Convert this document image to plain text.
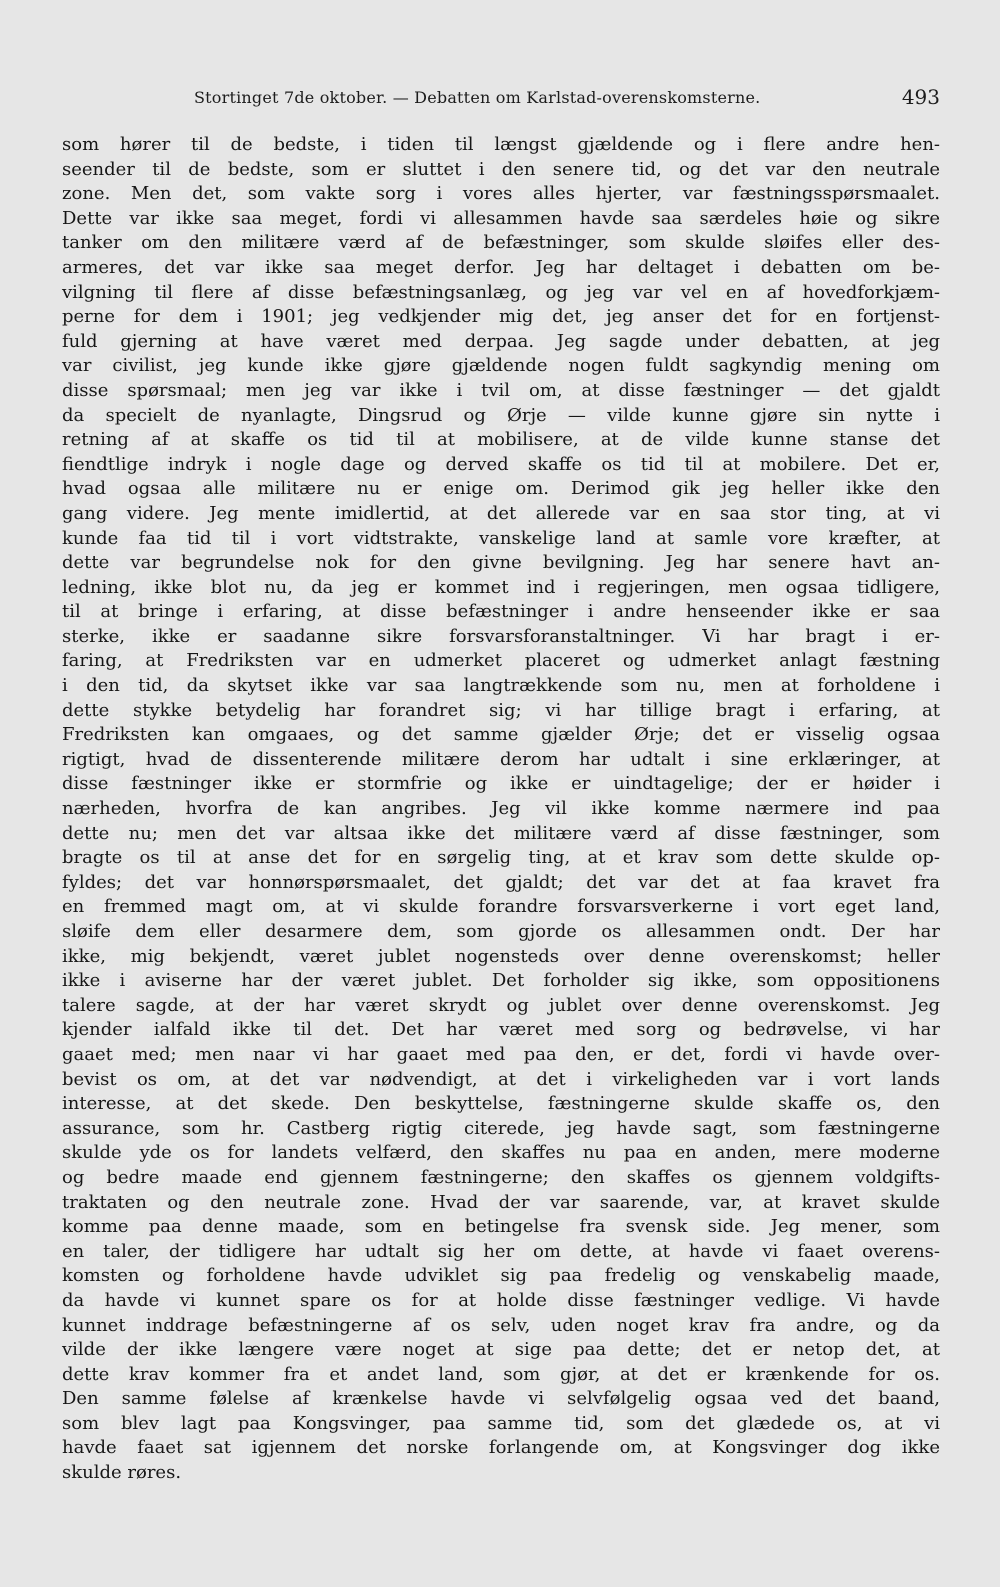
Stortinget 7de oktober. — Debatten om Karlstad-overenskomsterne.	493
som hører til de bedste, i tiden til længst gjældende og i flere andre hen-
seender til de bedste, som er sluttet i den senere tid, og det var den neutrale
zone. Men det, som vakte sorg i vores alles hjerter, var fæstningsspørsmaalet.
Dette var ikke saa meget, fordi vi allesammen havde saa særdeles høie og sikre
tanker om den militære værd af de befæstninger, som skulde sløifes eller des-
armeres, det var ikke saa meget derfor. Jeg har deltaget i debatten om be-
vilgning til flere af disse befæstningsanlæg, og jeg var vel en af hovedforkjæm-
perne for dem i 1901; jeg vedkjender mig det, jeg anser det for en fortjenst-
fuld gjerning at have været med derpaa. Jeg sagde under debatten, at jeg
var civilist, jeg kunde ikke gjøre gjældende nogen fuldt sagkyndig mening om
disse spørsmaal; men jeg var ikke i tvil om, at disse fæstninger — det gjaldt
da specielt de nyanlagte, Dingsrud og Ørje — vilde kunne gjøre sin nytte i
retning af at skaffe os tid til at mobilisere, at de vilde kunne stanse det
fiendtlige indryk i nogle dage og derved skaffe os tid til at mobilere. Det er,
hvad ogsaa alle militære nu er enige om. Derimod gik jeg heller ikke den
gang videre. Jeg mente imidlertid, at det allerede var en saa stor ting, at vi
kunde faa tid til i vort vidtstrakte, vanskelige land at samle vore kræfter, at
dette var begrundelse nok for den givne bevilgning. Jeg har senere havt an-
ledning, ikke blot nu, da jeg er kommet ind i regjeringen, men ogsaa tidligere,
til at bringe i erfaring, at disse befæstninger i andre henseender ikke er saa
sterke, ikke er saadanne sikre forsvarsforanstaltninger. Vi har bragt i er-
faring, at Fredriksten var en udmerket placeret og udmerket anlagt fæstning
i den tid, da skytset ikke var saa langtrækkende som nu, men at forholdene i
dette stykke betydelig har forandret sig; vi har tillige bragt i erfaring, at
Fredriksten kan omgaaes, og det samme gjælder Ørje; det er visselig ogsaa
rigtigt, hvad de dissenterende militære derom har udtalt i sine erklæringer, at
disse fæstninger ikke er stormfrie og ikke er uindtagelige; der er høider i
nærheden, hvorfra de kan angribes. Jeg vil ikke komme nærmere ind paa
dette nu; men det var altsaa ikke det militære værd af disse fæstninger, som
bragte os til at anse det for en sørgelig ting, at et krav som dette skulde op-
fyldes; det var honnørspørsmaalet, det gjaldt; det var det at faa kravet fra
en fremmed magt om, at vi skulde forandre forsvarsverkerne i vort eget land,
sløife dem eller desarmere dem, som gjorde os allesammen ondt. Der har
ikke, mig bekjendt, været jublet nogensteds over denne overenskomst; heller
ikke i aviserne har der været jublet. Det forholder sig ikke, som oppositionens
talere sagde, at der har været skrydt og jublet over denne overenskomst. Jeg
kjender ialfald ikke til det. Det har været med sorg og bedrøvelse, vi har
gaaet med; men naar vi har gaaet med paa den, er det, fordi vi havde over-
bevist os om, at det var nødvendigt, at det i virkeligheden var i vort lands
interesse, at det skede. Den beskyttelse, fæstningerne skulde skaffe os, den
assurance, som hr. Castberg rigtig citerede, jeg havde sagt, som fæstningerne
skulde yde os for landets velfærd, den skaffes nu paa en anden, mere moderne
og bedre maade end gjennem fæstningerne; den skaffes os gjennem voldgifts-
traktaten og den neutrale zone. Hvad der var saarende, var, at kravet skulde
komme paa denne maade, som en betingelse fra svensk side. Jeg mener, som
en taler, der tidligere har udtalt sig her om dette, at havde vi faaet overens-
komsten og forholdene havde udviklet sig paa fredelig og venskabelig maade,
da havde vi kunnet spare os for at holde disse fæstninger vedlige. Vi havde
kunnet inddrage befæstningerne af os selv, uden noget krav fra andre, og da
vilde der ikke længere være noget at sige paa dette; det er netop det, at
dette krav kommer fra et andet land, som gjør, at det er krænkende for os.
Den samme følelse af krænkelse havde vi selvfølgelig ogsaa ved det baand,
som blev lagt paa Kongsvinger, paa samme tid, som det glædede os, at vi
havde faaet sat igjennem det norske forlangende om, at Kongsvinger dog ikke
skulde røres.
